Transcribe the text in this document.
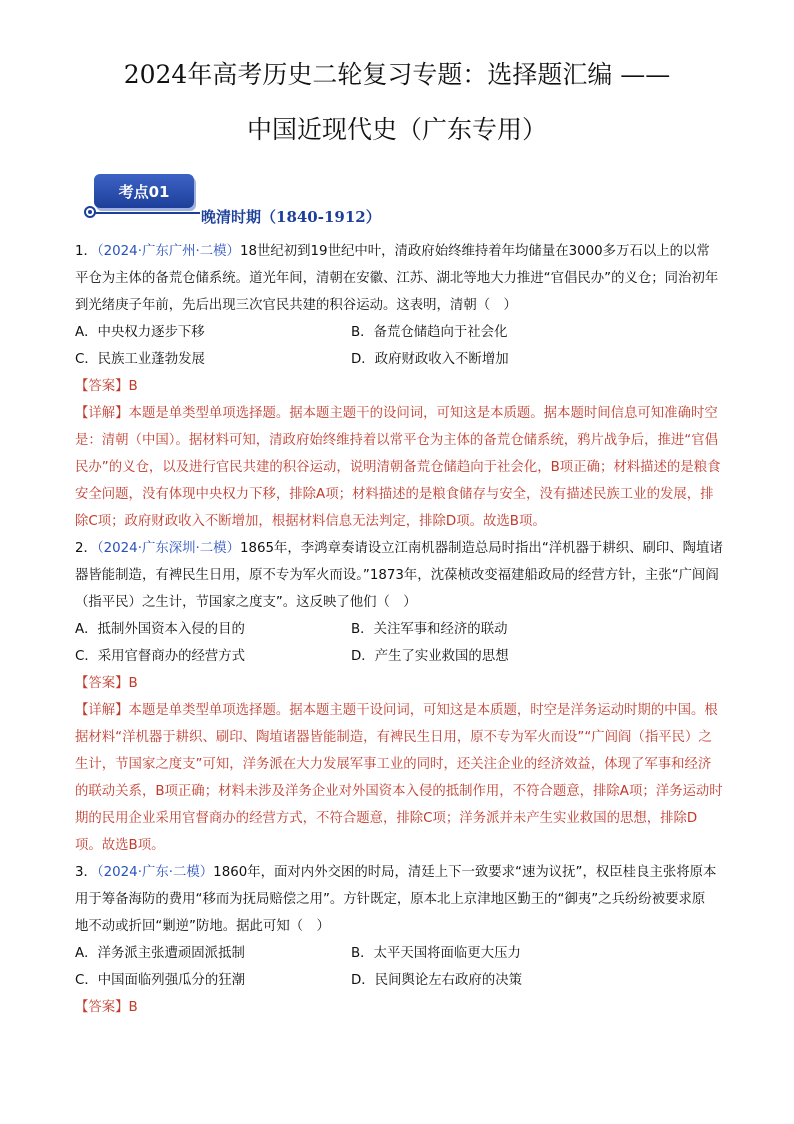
2024年高考历史二轮复习专题：选择题汇编 ——
中国近现代史（广东专用）
考点01
晚清时期（1840-1912）

1．（2024·广东广州·二模）18世纪初到19世纪中叶，清政府始终维持着年均储量在3000多万石以上的以常平仓为主体的备荒仓储系统。道光年间，清朝在安徽、江苏、湖北等地大力推进“官倡民办”的义仓；同治初年到光绪庚子年前，先后出现三次官民共建的积谷运动。这表明，清朝（　）

A．中央权力逐步下移	B．备荒仓储趋向于社会化
C．民族工业蓬勃发展	D．政府财政收入不断增加

【答案】B

【详解】本题是单类型单项选择题。据本题主题干的设问词，可知这是本质题。据本题时间信息可知准确时空是：清朝（中国）。据材料可知，清政府始终维持着以常平仓为主体的备荒仓储系统，鸦片战争后，推进“官倡民办”的义仓，以及进行官民共建的积谷运动，说明清朝备荒仓储趋向于社会化，B项正确；材料描述的是粮食安全问题，没有体现中央权力下移，排除A项；材料描述的是粮食储存与安全，没有描述民族工业的发展，排除C项；政府财政收入不断增加，根据材料信息无法判定，排除D项。故选B项。

2．（2024·广东深圳·二模）1865年，李鸿章奏请设立江南机器制造总局时指出“洋机器于耕织、刷印、陶埴诸器皆能制造，有裨民生日用，原不专为军火而设。”1873年，沈葆桢改变福建船政局的经营方针，主张“广闾阎（指平民）之生计，节国家之度支”。这反映了他们（　）

A．抵制外国资本入侵的目的	B．关注军事和经济的联动
C．采用官督商办的经营方式	D．产生了实业救国的思想

【答案】B

【详解】本题是单类型单项选择题。据本题主题干设问词，可知这是本质题，时空是洋务运动时期的中国。根据材料“洋机器于耕织、刷印、陶埴诸器皆能制造，有裨民生日用，原不专为军火而设”“广闾阎（指平民）之生计，节国家之度支”可知，洋务派在大力发展军事工业的同时，还关注企业的经济效益，体现了军事和经济的联动关系，B项正确；材料未涉及洋务企业对外国资本入侵的抵制作用，不符合题意，排除A项；洋务运动时期的民用企业采用官督商办的经营方式，不符合题意，排除C项；洋务派并未产生实业救国的思想，排除D项。故选B项。

3．（2024·广东·二模）1860年，面对内外交困的时局，清廷上下一致要求“速为议抚”，权臣桂良主张将原本用于筹备海防的费用“移而为抚局赔偿之用”。方针既定，原本北上京津地区勤王的“御夷”之兵纷纷被要求原

地不动或折回“剿逆”防地。据此可知（　）

A．洋务派主张遭顽固派抵制	B．太平天国将面临更大压力
C．中国面临列强瓜分的狂潮	D．民间舆论左右政府的决策

【答案】B
